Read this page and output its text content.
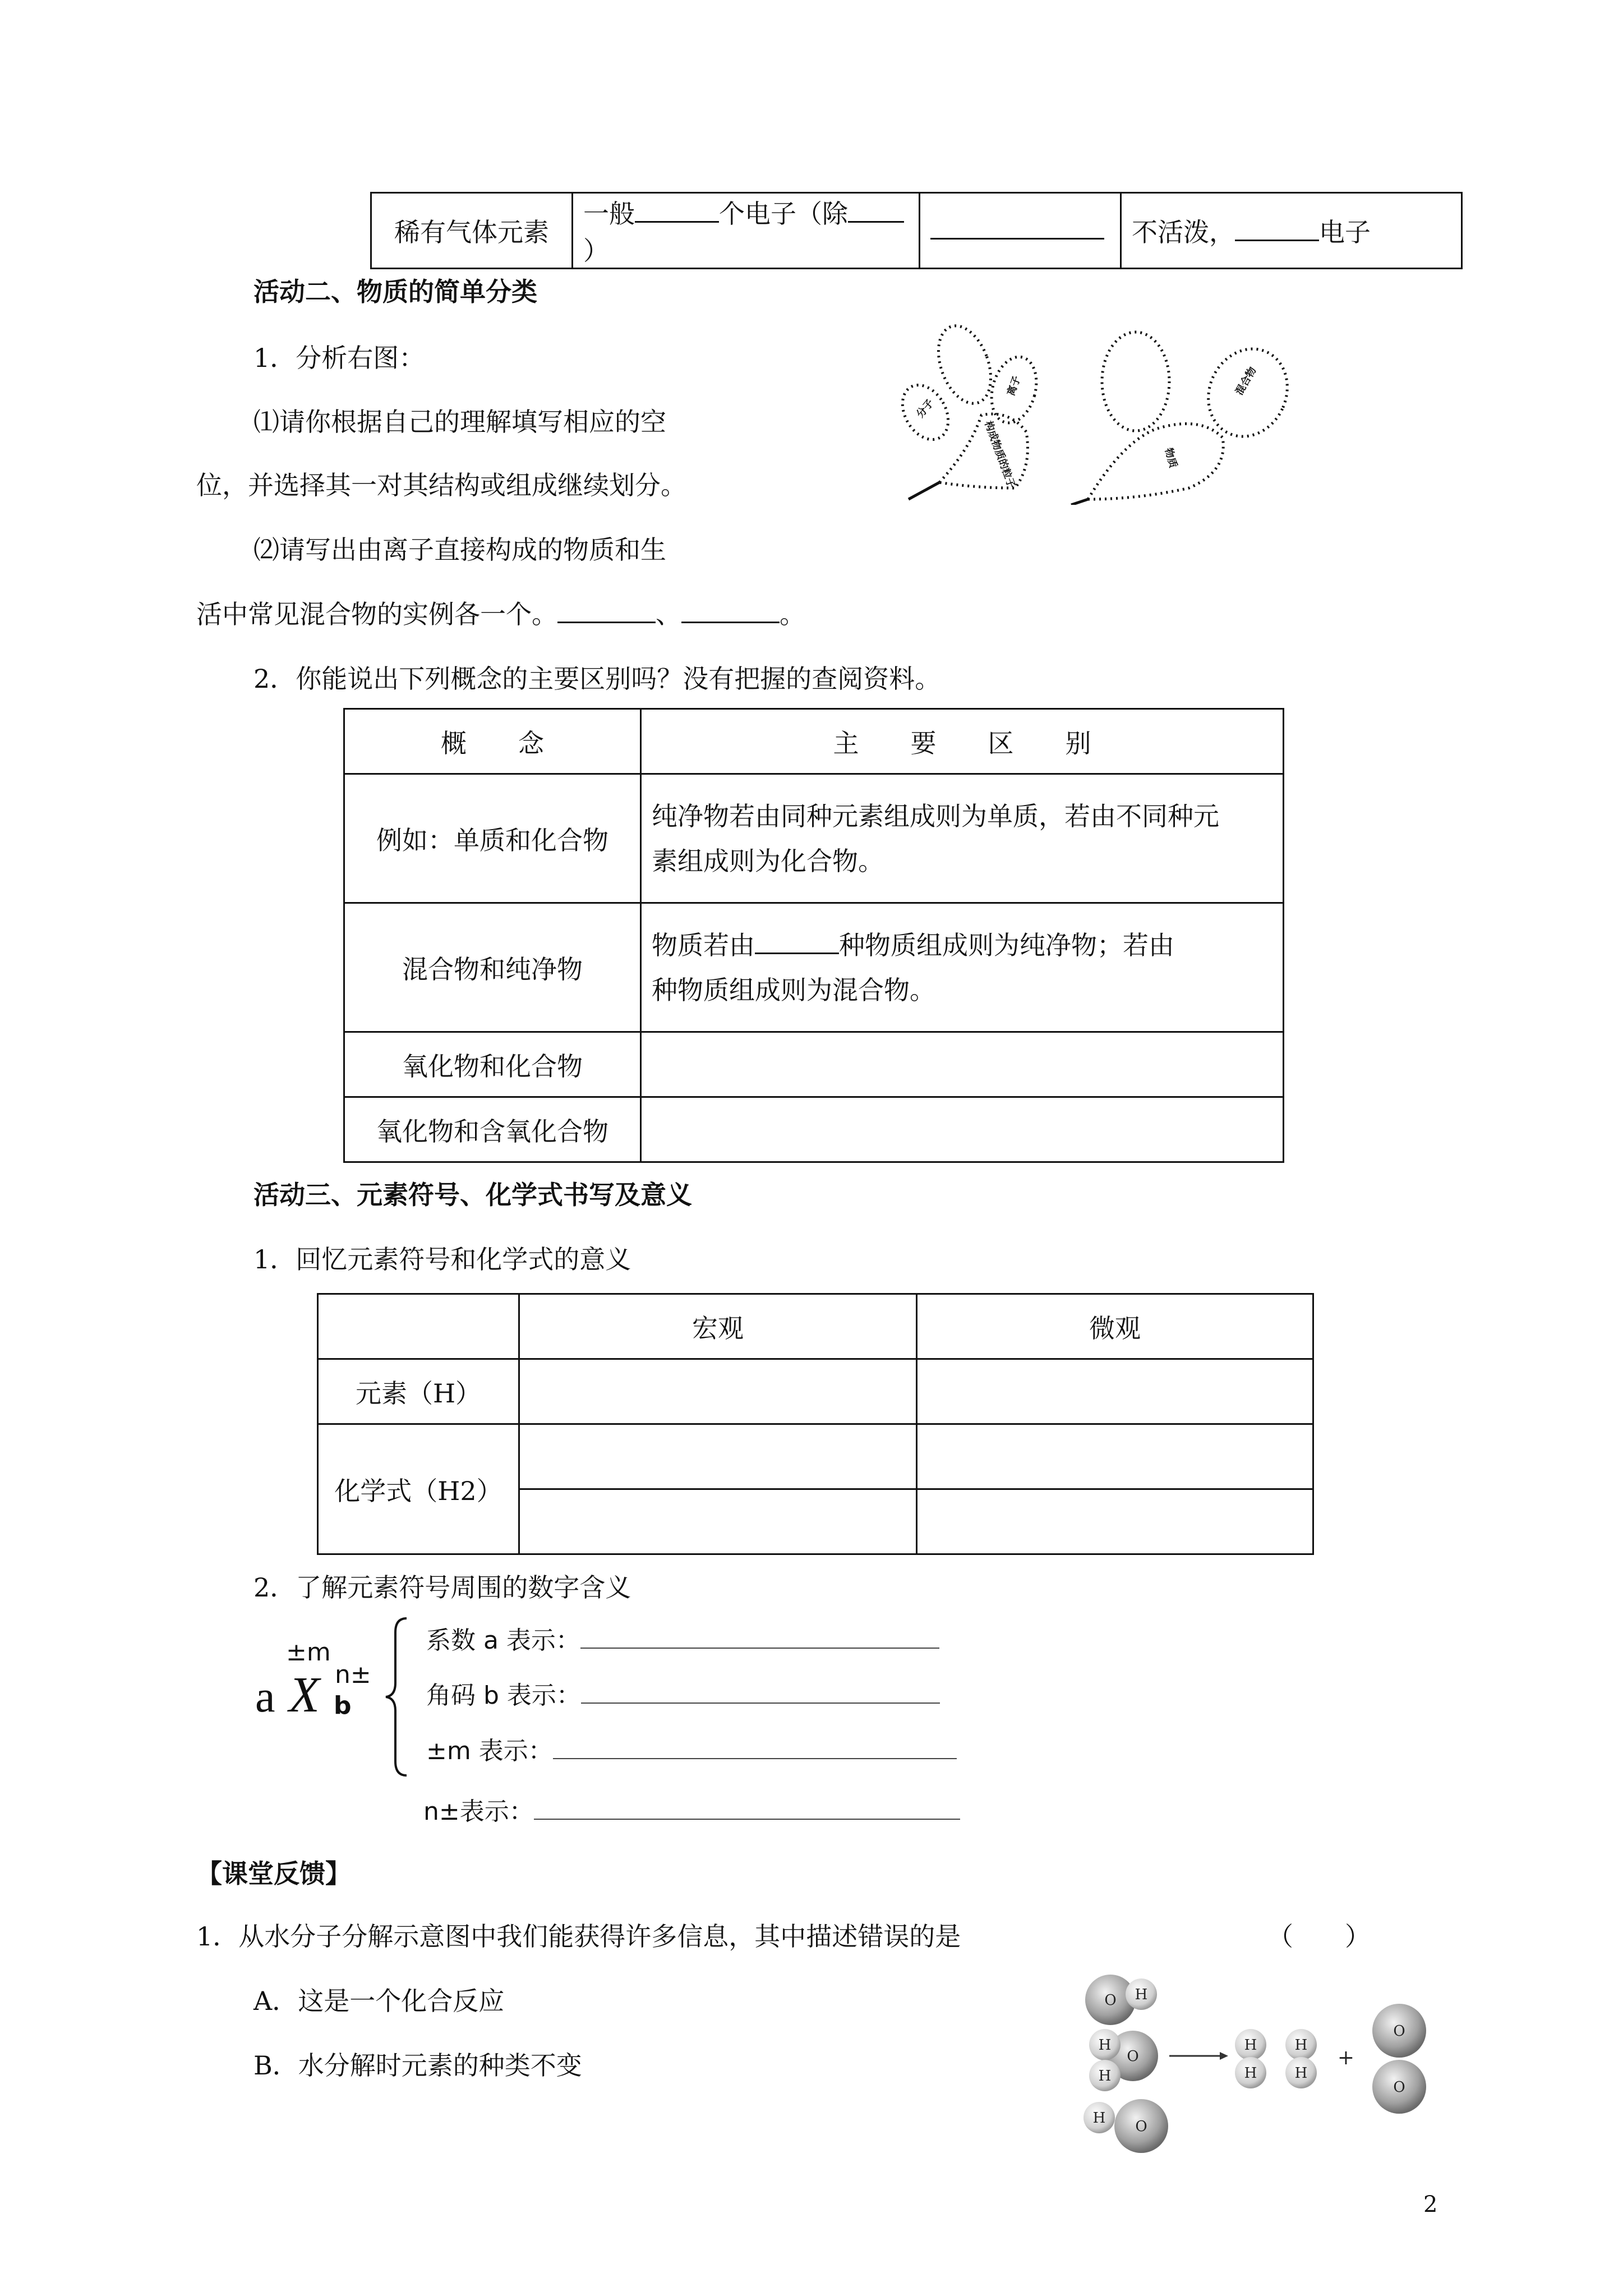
稀有气体元素	一般	个电子（除）		不活泼，	电子
活动二、物质的简单分类
1．分析右图：
⑴请你根据自己的理解填写相应的空
位，并选择其一对其结构或组成继续划分。
⑵请写出由离子直接构成的物质和生
活中常见混合物的实例各一个。	、	。
2．你能说出下列概念的主要区别吗？没有把握的查阅资料。
分子
离子
构成物质的粒子
混合物
物质
概　　念	主　　要　　区　　别
例如：单质和化合物	纯净物若由同种元素组成则为单质，若由不同种元
素组成则为化合物。

混合物和纯净物	物质若由 种物质组成则为纯净物；若由
种物质组成则为混合物。

氧化物和化合物	
氧化物和含氧化合物	
活动三、元素符号、化学式书写及意义
1．回忆元素符号和化学式的意义
	宏观	微观
元素（H）		
化学式（H2）		

2．了解元素符号周围的数字含义
±m
a X n±
b
系数 a 表示：
角码 b 表示：
±m 表示：
n±表示：
【课堂反馈】
1．从水分子分解示意图中我们能获得许多信息，其中描述错误的是	（　　）
A．这是一个化合反应
B．水分解时元素的种类不变
O H
O
H
H
O
H
H
H
H
H
+
O
O
2
